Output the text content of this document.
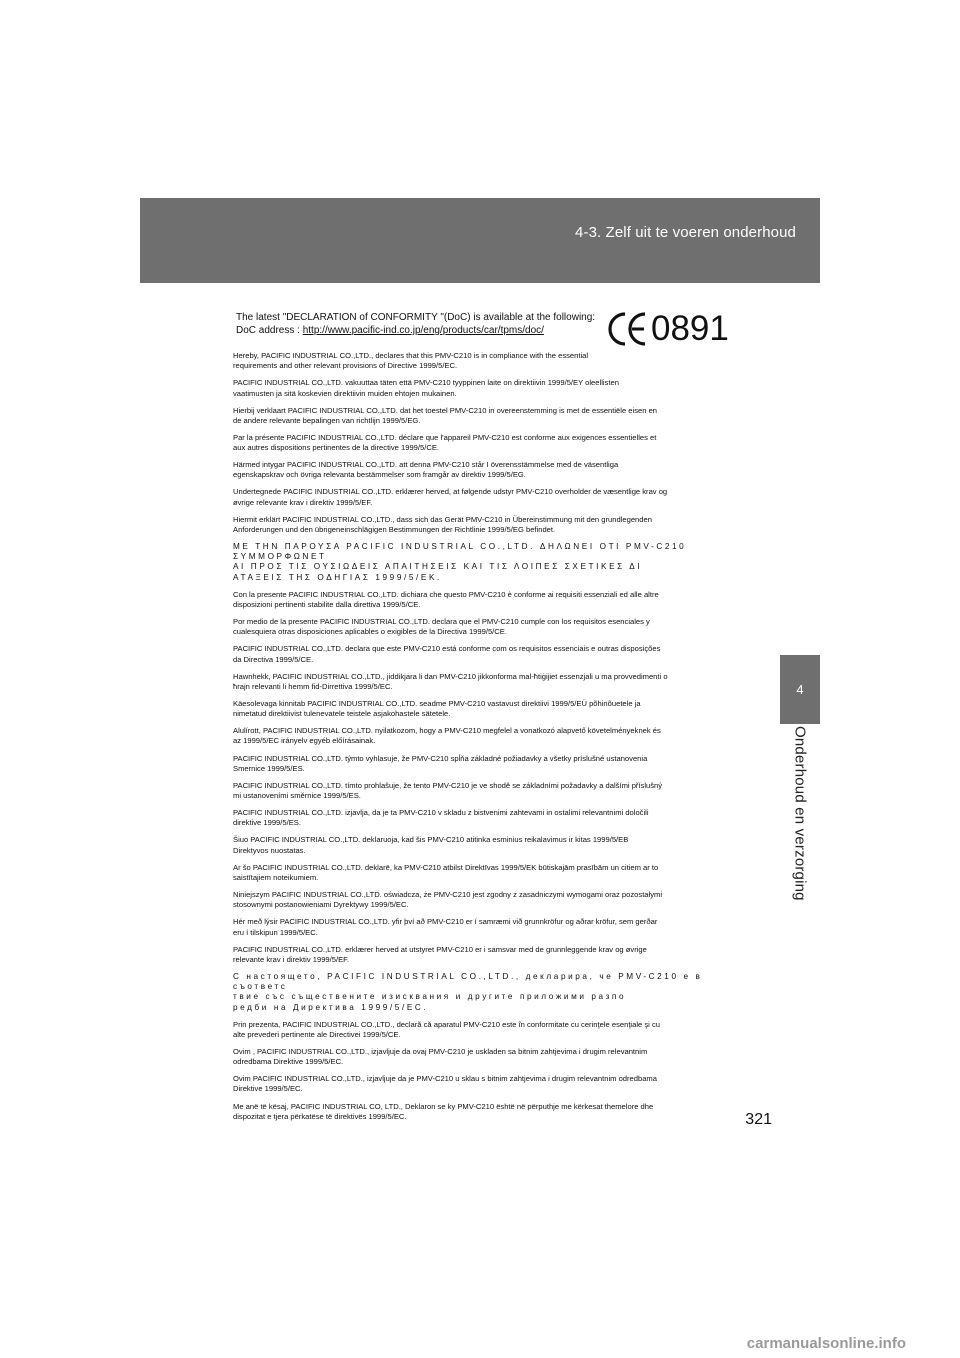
4-3. Zelf uit te voeren onderhoud
4
Onderhoud en verzorging
The latest "DECLARATION of CONFORMITY "(DoC) is available at the following:
DoC address : http://www.pacific-ind.co.jp/eng/products/car/tpms/doc/	0891
Hereby, PACIFIC INDUSTRIAL CO.,LTD., declares that this PMV-C210 is in compliance with the essential
requirements and other relevant provisions of Directive 1999/5/EC.
PACIFIC INDUSTRIAL CO.,LTD. vakuuttaa täten että PMV-C210 tyyppinen laite on direktiivin 1999/5/EY oleellisten
vaatimusten ja sitä koskevien direktiivin muiden ehtojen mukainen.
Hierbij verklaart PACIFIC INDUSTRIAL CO.,LTD. dat het toestel PMV-C210 in overeenstemming is met de essentiële eisen en
de andere relevante bepalingen van richtlijn 1999/5/EG.
Par la présente PACIFIC INDUSTRIAL CO.,LTD. déclare que l'appareil PMV-C210 est conforme aux exigences essentielles et
aux autres dispositions pertinentes de la directive 1999/5/CE.
Härmed intygar PACIFIC INDUSTRIAL CO.,LTD. att denna PMV-C210 står I överensstämmelse med de väsentliga
egenskapskrav och övriga relevanta bestämmelser som framgår av direktiv 1999/5/EG.
Undertegnede PACIFIC INDUSTRIAL CO.,LTD. erklærer herved, at følgende udstyr PMV-C210 overholder de væsentlige krav og
øvrige relevante krav i direktiv 1999/5/EF.
Hiermit erklärt PACIFIC INDUSTRIAL CO.,LTD., dass sich das Gerät PMV-C210 in Übereinstimmung mit den grundlegenden
Anforderungen und den übrigeneinschlägigen Bestimmungen der Richtlinie 1999/5/EG befindet.
ΜΕ ΤΗΝ ΠΑΡΟΥΣΑ PACIFIC INDUSTRIAL CO.,LTD. ΔΗΛΩΝΕΙ ΟΤΙ PMV-C210 ΣΥΜΜΟΡΦΩΝΕΤ
ΑΙ ΠΡΟΣ ΤΙΣ ΟΥΣΙΩΔΕΙΣ ΑΠΑΙΤΗΣΕΙΣ ΚΑΙ ΤΙΣ ΛΟΙΠΕΣ ΣΧΕΤΙΚΕΣ ΔΙ
ΑΤΑΞΕΙΣ ΤΗΣ ΟΔΗΓΙΑΣ 1999/5/ΕΚ.
Con la presente PACIFIC INDUSTRIAL CO.,LTD. dichiara che questo PMV-C210 è conforme ai requisiti essenziali ed alle altre
disposizioni pertinenti stabilite dalla direttiva 1999/5/CE.
Por medio de la presente PACIFIC INDUSTRIAL CO.,LTD. declara que el PMV-C210 cumple con los requisitos esenciales y
cualesquiera otras disposiciones aplicables o exigibles de la Directiva 1999/5/CE.
PACIFIC INDUSTRIAL CO.,LTD. declara que este PMV-C210 está conforme com os requisitos essenciais e outras disposições
da Directiva 1999/5/CE.
Hawnhekk, PACIFIC INDUSTRIAL CO.,LTD., jiddikjara li dan PMV-C210 jikkonforma mal-ħtiġijiet essenzjali u ma provvedimenti o
ħrajn relevanti li hemm fid-Dirrettiva 1999/5/EC.
Käesolevaga kinnitab PACIFIC INDUSTRIAL CO.,LTD. seadme PMV-C210 vastavust direktiivi 1999/5/EÜ põhinõuetele ja
nimetatud direktiivist tulenevatele teistele asjakohastele sätetele.
Alulírott, PACIFIC INDUSTRIAL CO.,LTD. nyilatkozom, hogy a PMV-C210 megfelel a vonatkozó alapvető követelményeknek és
az 1999/5/EC irányelv egyéb előírásainak.
PACIFIC INDUSTRIAL CO.,LTD. týmto vyhlasuje, že PMV-C210 spĺňa základné požiadavky a všetky príslušné ustanovenia
Smernice 1999/5/ES.
PACIFIC INDUSTRIAL CO.,LTD. tímto prohlašuje, že tento PMV-C210 je ve shodě se základními požadavky a dalšími příslušný
mi ustanoveními směrnice 1999/5/ES.
PACIFIC INDUSTRIAL CO.,LTD. izjavlja, da je ta PMV-C210 v skladu z bistvenimi zahtevami in ostalimi relevantnimi določili
direktive 1999/5/ES.
Šiuo PACIFIC INDUSTRIAL CO.,LTD. deklaruoja, kad šis PMV-C210 atitinka esminius reikalavimus ir kitas 1999/5/EB
Direktyvos nuostatas.
Ar šo PACIFIC INDUSTRIAL CO.,LTD. deklarē, ka PMV-C210 atbilst Direktīvas 1999/5/EK būtiskajām prasībām un citiem ar to
saistītajiem noteikumiem.
Niniejszym PACIFIC INDUSTRIAL CO.,LTD. oświadcza, że PMV-C210 jest zgodny z zasadniczymi wymogami oraz pozostałymi
stosownymi postanowieniami Dyrektywy 1999/5/EC.
Hér með lýsir PACIFIC INDUSTRIAL CO.,LTD. yfir því að PMV-C210 er í samræmi við grunnkröfur og aðrar kröfur, sem gerðar
eru í tilskipun 1999/5/EC.
PACIFIC INDUSTRIAL CO.,LTD. erklærer herved at utstyret PMV-C210 er i samsvar med de grunnleggende krav og øvrige
relevante krav i direktiv 1999/5/EF.
С настоящето, PACIFIC INDUSTRIAL CO.,LTD., декларира, че PMV-C210 е в съответс
твие със съществените изисквания и другите приложими разпо
редби на Директива 1999/5/ЕС.
Prin prezenta, PACIFIC INDUSTRIAL CO.,LTD., declară că aparatul PMV-C210 este în conformitate cu cerinţele esenţiale şi cu
alte prevederi pertinente ale Directivei 1999/5/CE.
Ovim , PACIFIC INDUSTRIAL CO.,LTD., izjavljuje da ovaj PMV-C210 je uskladen sa bitnim zahtjevima i drugim relevantnim
odredbama Direktive 1999/5/EC.
Ovim PACIFIC INDUSTRIAL CO.,LTD., izjavljuje da je PMV-C210 u sklau s bitnim zahtjevima i drugim relevantnim odredbama
Direktive 1999/5/EC.
Me anë të kësaj, PACIFIC INDUSTRIAL CO, LTD., Deklaron se ky PMV-C210 është në përputhje me kërkesat themelore dhe
dispozitat e tjera përkatëse të direktivës 1999/5/EC.	321
carmanualsonline.info
